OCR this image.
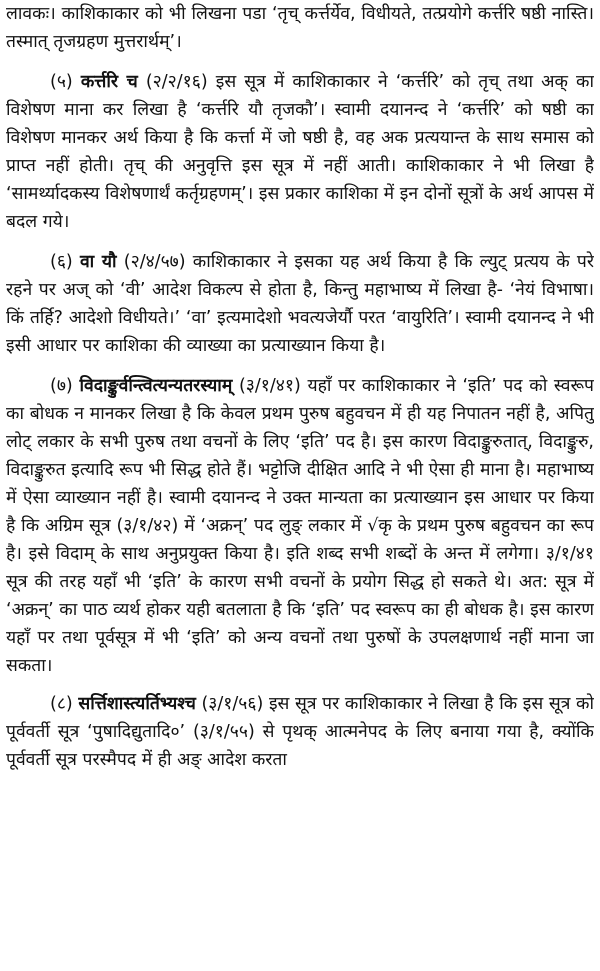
लावकः। काशिकाकार को भी लिखना पडा ‘तृच् कर्त्तर्येव, विधीयते, तत्प्रयोगे कर्त्तरि षष्ठी नास्ति। तस्मात् तृजग्रहण मुत्तरार्थम्’।

(५) कर्त्तरि च (२/२/१६) इस सूत्र में काशिकाकार ने ‘कर्त्तरि’ को तृच् तथा अक् का विशेषण माना कर लिखा है ‘कर्त्तरि यौ तृजकौ’। स्वामी दयानन्द ने ‘कर्त्तरि’ को षष्ठी का विशेषण मानकर अर्थ किया है कि कर्त्ता में जो षष्ठी है, वह अक प्रत्ययान्त के साथ समास को प्राप्त नहीं होती। तृच् की अनुवृत्ति इस सूत्र में नहीं आती। काशिकाकार ने भी लिखा है ‘सामर्थ्यादकस्य विशेषणार्थं कर्तृग्रहणम्’। इस प्रकार काशिका में इन दोनों सूत्रों के अर्थ आपस में बदल गये।

(६) वा यौ (२/४/५७) काशिकाकार ने इसका यह अर्थ किया है कि ल्युट् प्रत्यय के परे रहने पर अज् को ‘वी’ आदेश विकल्प से होता है, किन्तु महाभाष्य में लिखा है- ‘नेयं विभाषा। किं तर्हि? आदेशो विधीयते।’ ‘वा’ इत्यमादेशो भवत्यजेर्यौ परत ‘वायुरिति’। स्वामी दयानन्द ने भी इसी आधार पर काशिका की व्याख्या का प्रत्याख्यान किया है।

(७) विदाङ्कुर्वन्त्वित्यन्यतरस्याम् (३/१/४१) यहाँ पर काशिकाकार ने ‘इति’ पद को स्वरूप का बोधक न मानकर लिखा है कि केवल प्रथम पुरुष बहुवचन में ही यह निपातन नहीं है, अपितु लोट् लकार के सभी पुरुष तथा वचनों के लिए ‘इति’ पद है। इस कारण विदाङ्कुरुतात्, विदाङ्कुरु, विदाङ्कुरुत इत्यादि रूप भी सिद्ध होते हैं। भट्टोजि दीक्षित आदि ने भी ऐसा ही माना है। महाभाष्य में ऐसा व्याख्यान नहीं है। स्वामी दयानन्द ने उक्त मान्यता का प्रत्याख्यान इस आधार पर किया है कि अग्रिम सूत्र (३/१/४२) में ‘अक्रन्’ पद लुङ् लकार में √कृ के प्रथम पुरुष बहुवचन का रूप है। इसे विदाम् के साथ अनुप्रयुक्त किया है। इति शब्द सभी शब्दों के अन्त में लगेगा। ३/१/४१ सूत्र की तरह यहाँ भी ‘इति’ के कारण सभी वचनों के प्रयोग सिद्ध हो सकते थे। अत: सूत्र में ‘अक्रन्’ का पाठ व्यर्थ होकर यही बतलाता है कि ‘इति’ पद स्वरूप का ही बोधक है। इस कारण यहाँ पर तथा पूर्वसूत्र में भी ‘इति’ को अन्य वचनों तथा पुरुषों के उपलक्षणार्थ नहीं माना जा सकता।

(८) सर्त्तिशास्त्यर्तिभ्यश्च (३/१/५६) इस सूत्र पर काशिकाकार ने लिखा है कि इस सूत्र को पूर्ववर्ती सूत्र ‘पुषादिद्युतादि०’ (३/१/५५) से पृथक् आत्मनेपद के लिए बनाया गया है, क्योंकि पूर्ववर्ती सूत्र परस्मैपद में ही अङ् आदेश करता
